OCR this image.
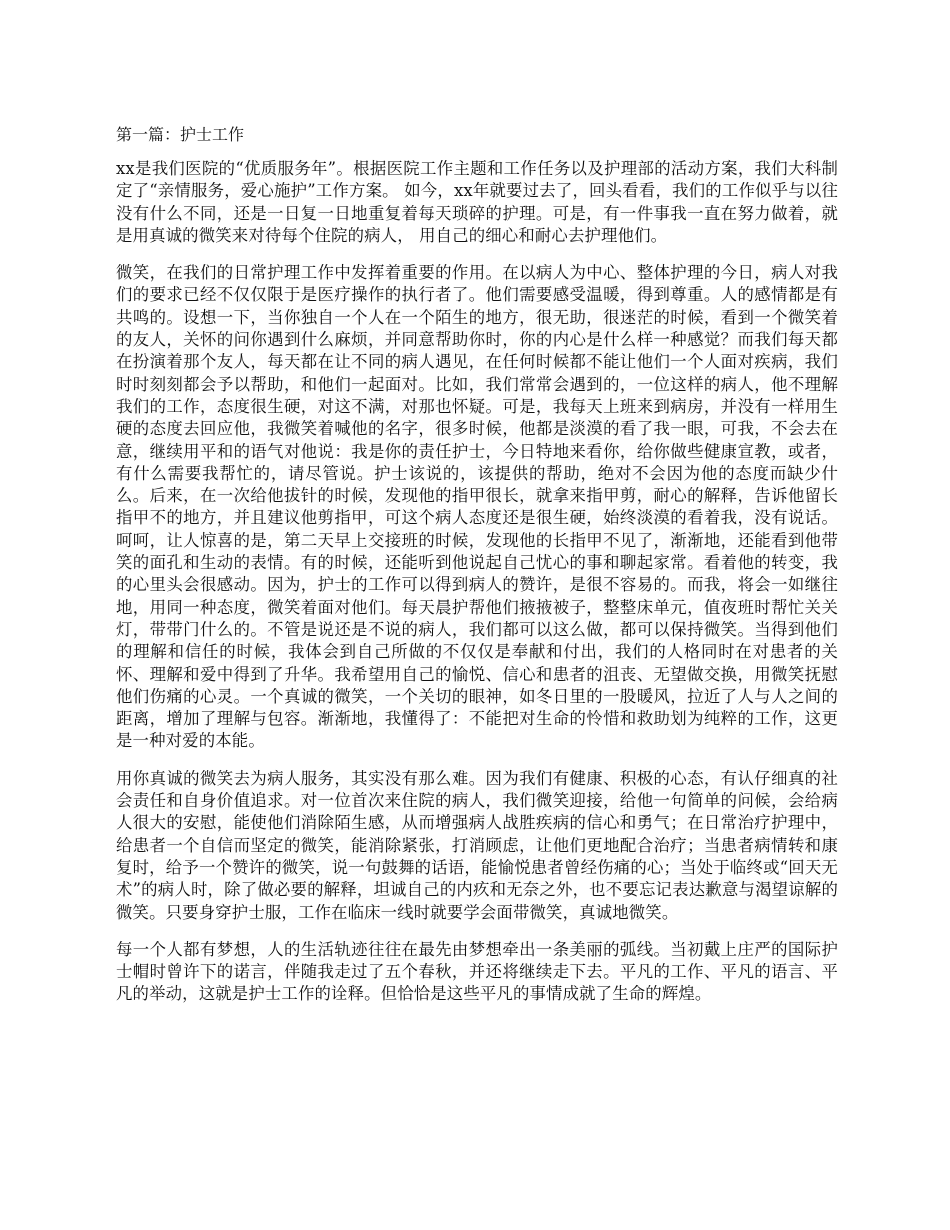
第一篇：护士工作

xx是我们医院的“优质服务年”。根据医院工作主题和工作任务以及护理部的活动方案，我们大科制定了“亲情服务，爱心施护”工作方案。 如今，xx年就要过去了，回头看看，我们的工作似乎与以往没有什么不同，还是一日复一日地重复着每天琐碎的护理。可是，有一件事我一直在努力做着，就是用真诚的微笑来对待每个住院的病人， 用自己的细心和耐心去护理他们。

微笑，在我们的日常护理工作中发挥着重要的作用。在以病人为中心、整体护理的今日，病人对我们的要求已经不仅仅限于是医疗操作的执行者了。他们需要感受温暖，得到尊重。人的感情都是有共鸣的。设想一下，当你独自一个人在一个陌生的地方，很无助，很迷茫的时候，看到一个微笑着的友人，关怀的问你遇到什么麻烦，并同意帮助你时，你的内心是什么样一种感觉？而我们每天都在扮演着那个友人，每天都在让不同的病人遇见，在任何时候都不能让他们一个人面对疾病，我们时时刻刻都会予以帮助，和他们一起面对。比如，我们常常会遇到的，一位这样的病人，他不理解我们的工作，态度很生硬，对这不满，对那也怀疑。可是，我每天上班来到病房，并没有一样用生硬的态度去回应他，我微笑着喊他的名字，很多时候，他都是淡漠的看了我一眼，可我，不会去在意，继续用平和的语气对他说：我是你的责任护士，今日特地来看你，给你做些健康宣教，或者，有什么需要我帮忙的，请尽管说。护士该说的，该提供的帮助，绝对不会因为他的态度而缺少什么。后来，在一次给他拔针的时候，发现他的指甲很长，就拿来指甲剪，耐心的解释，告诉他留长指甲不的地方，并且建议他剪指甲，可这个病人态度还是很生硬，始终淡漠的看着我，没有说话。呵呵，让人惊喜的是，第二天早上交接班的时候，发现他的长指甲不见了，渐渐地，还能看到他带笑的面孔和生动的表情。有的时候，还能听到他说起自己忧心的事和聊起家常。看着他的转变，我的心里头会很感动。因为，护士的工作可以得到病人的赞许，是很不容易的。而我，将会一如继往地，用同一种态度，微笑着面对他们。每天晨护帮他们掖掖被子，整整床单元，值夜班时帮忙关关灯，带带门什么的。不管是说还是不说的病人，我们都可以这么做，都可以保持微笑。当得到他们的理解和信任的时候，我体会到自己所做的不仅仅是奉献和付出，我们的人格同时在对患者的关怀、理解和爱中得到了升华。我希望用自己的愉悦、信心和患者的沮丧、无望做交换，用微笑抚慰他们伤痛的心灵。一个真诚的微笑，一个关切的眼神，如冬日里的一股暖风，拉近了人与人之间的距离，增加了理解与包容。渐渐地，我懂得了：不能把对生命的怜惜和救助划为纯粹的工作，这更是一种对爱的本能。

用你真诚的微笑去为病人服务，其实没有那么难。因为我们有健康、积极的心态，有认仔细真的社会责任和自身价值追求。对一位首次来住院的病人，我们微笑迎接，给他一句简单的问候，会给病人很大的安慰，能使他们消除陌生感，从而增强病人战胜疾病的信心和勇气；在日常治疗护理中，给患者一个自信而坚定的微笑，能消除紧张，打消顾虑，让他们更地配合治疗；当患者病情转和康复时，给予一个赞许的微笑，说一句鼓舞的话语，能愉悦患者曾经伤痛的心；当处于临终或“回天无术”的病人时，除了做必要的解释，坦诚自己的内疚和无奈之外，也不要忘记表达歉意与渴望谅解的微笑。只要身穿护士服，工作在临床一线时就要学会面带微笑，真诚地微笑。

每一个人都有梦想，人的生活轨迹往往在最先由梦想牵出一条美丽的弧线。当初戴上庄严的国际护士帽时曾许下的诺言，伴随我走过了五个春秋，并还将继续走下去。平凡的工作、平凡的语言、平凡的举动，这就是护士工作的诠释。但恰恰是这些平凡的事情成就了生命的辉煌。
